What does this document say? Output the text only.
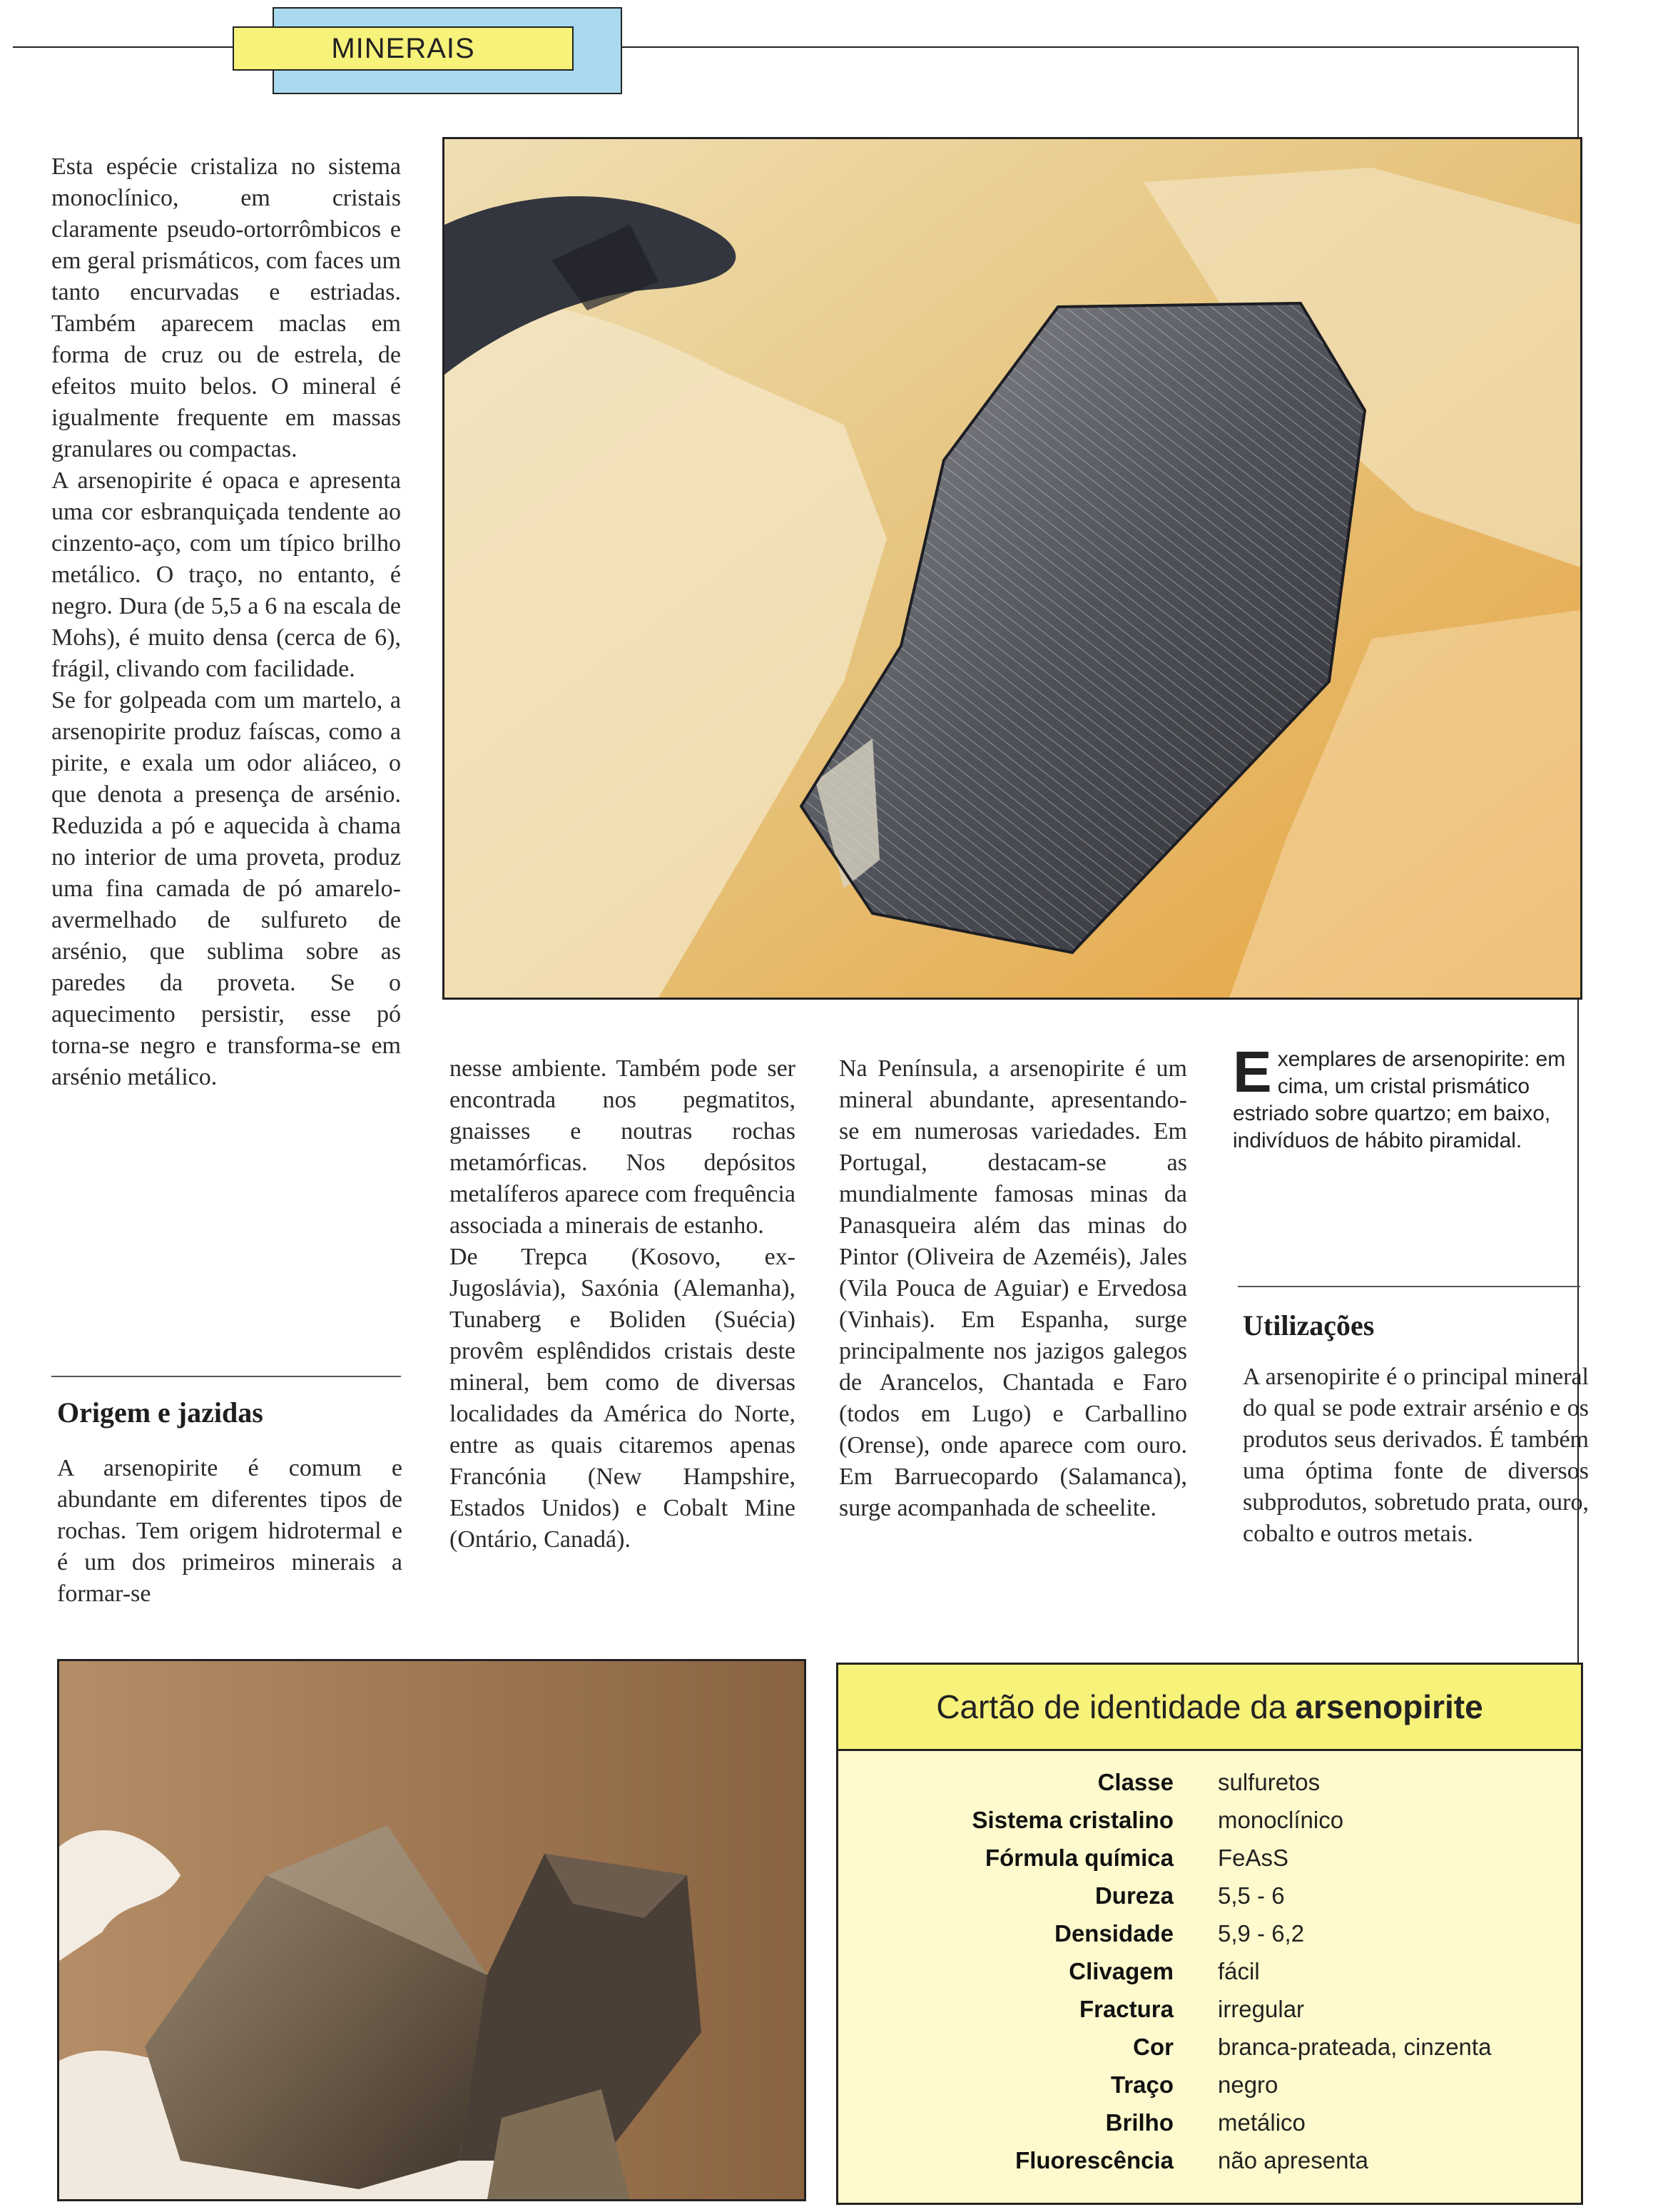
MINERAIS

Esta espécie cristaliza no sistema monoclínico, em cristais claramente pseudo-ortorrômbicos e em geral prismáticos, com faces um tanto encurvadas e estriadas. Também aparecem maclas em forma de cruz ou de estrela, de efeitos muito belos. O mineral é igualmente frequente em massas granulares ou compactas.

A arsenopirite é opaca e apresenta uma cor esbranquiçada tendente ao cinzento-aço, com um típico brilho metálico. O traço, no entanto, é negro. Dura (de 5,5 a 6 na escala de Mohs), é muito densa (cerca de 6), frágil, clivando com facilidade.

Se for golpeada com um martelo, a arsenopirite produz faíscas, como a pirite, e exala um odor aliáceo, o que denota a presença de arsénio. Reduzida a pó e aquecida à chama no interior de uma proveta, produz uma fina camada de pó amarelo-avermelhado de sulfureto de arsénio, que sublima sobre as paredes da proveta. Se o aquecimento persistir, esse pó torna-se negro e transforma-se em arsénio metálico.

Origem e jazidas
A arsenopirite é comum e abundante em diferentes tipos de rochas. Tem origem hidrotermal e é um dos primeiros minerais a formar-se

nesse ambiente. Também pode ser encontrada nos pegmatitos, gnaisses e noutras rochas metamórficas. Nos depósitos metalíferos aparece com frequência associada a minerais de estanho.

De Trepca (Kosovo, ex-Jugoslávia), Saxónia (Alemanha), Tunaberg e Boliden (Suécia) provêm esplêndidos cristais deste mineral, bem como de diversas localidades da América do Norte, entre as quais citaremos apenas Francónia (New Hampshire, Estados Unidos) e Cobalt Mine (Ontário, Canadá).

Na Península, a arsenopirite é um mineral abundante, apresentando-se em numerosas variedades. Em Portugal, destacam-se as mundialmente famosas minas da Panasqueira além das minas do Pintor (Oliveira de Azeméis), Jales (Vila Pouca de Aguiar) e Ervedosa (Vinhais). Em Espanha, surge principalmente nos jazigos galegos de Arancelos, Chantada e Faro (todos em Lugo) e Carballino (Orense), onde aparece com ouro. Em Barruecopardo (Salamanca), surge acompanhada de scheelite.

Exemplares de arsenopirite: em cima, um cristal prismático estriado sobre quartzo; em baixo, indivíduos de hábito piramidal.
Utilizações
A arsenopirite é o principal mineral do qual se pode extrair arsénio e os produtos seus derivados. É também uma óptima fonte de diversos subprodutos, sobretudo prata, ouro, cobalto e outros metais.
Cartão de identidade da arsenopirite
Classe sulfuretos
Sistema cristalino monoclínico
Fórmula química FeAsS
Dureza 5,5 - 6
Densidade 5,9 - 6,2
Clivagem fácil
Fractura irregular
Cor branca-prateada, cinzenta
Traço negro
Brilho metálico
Fluorescência não apresenta
